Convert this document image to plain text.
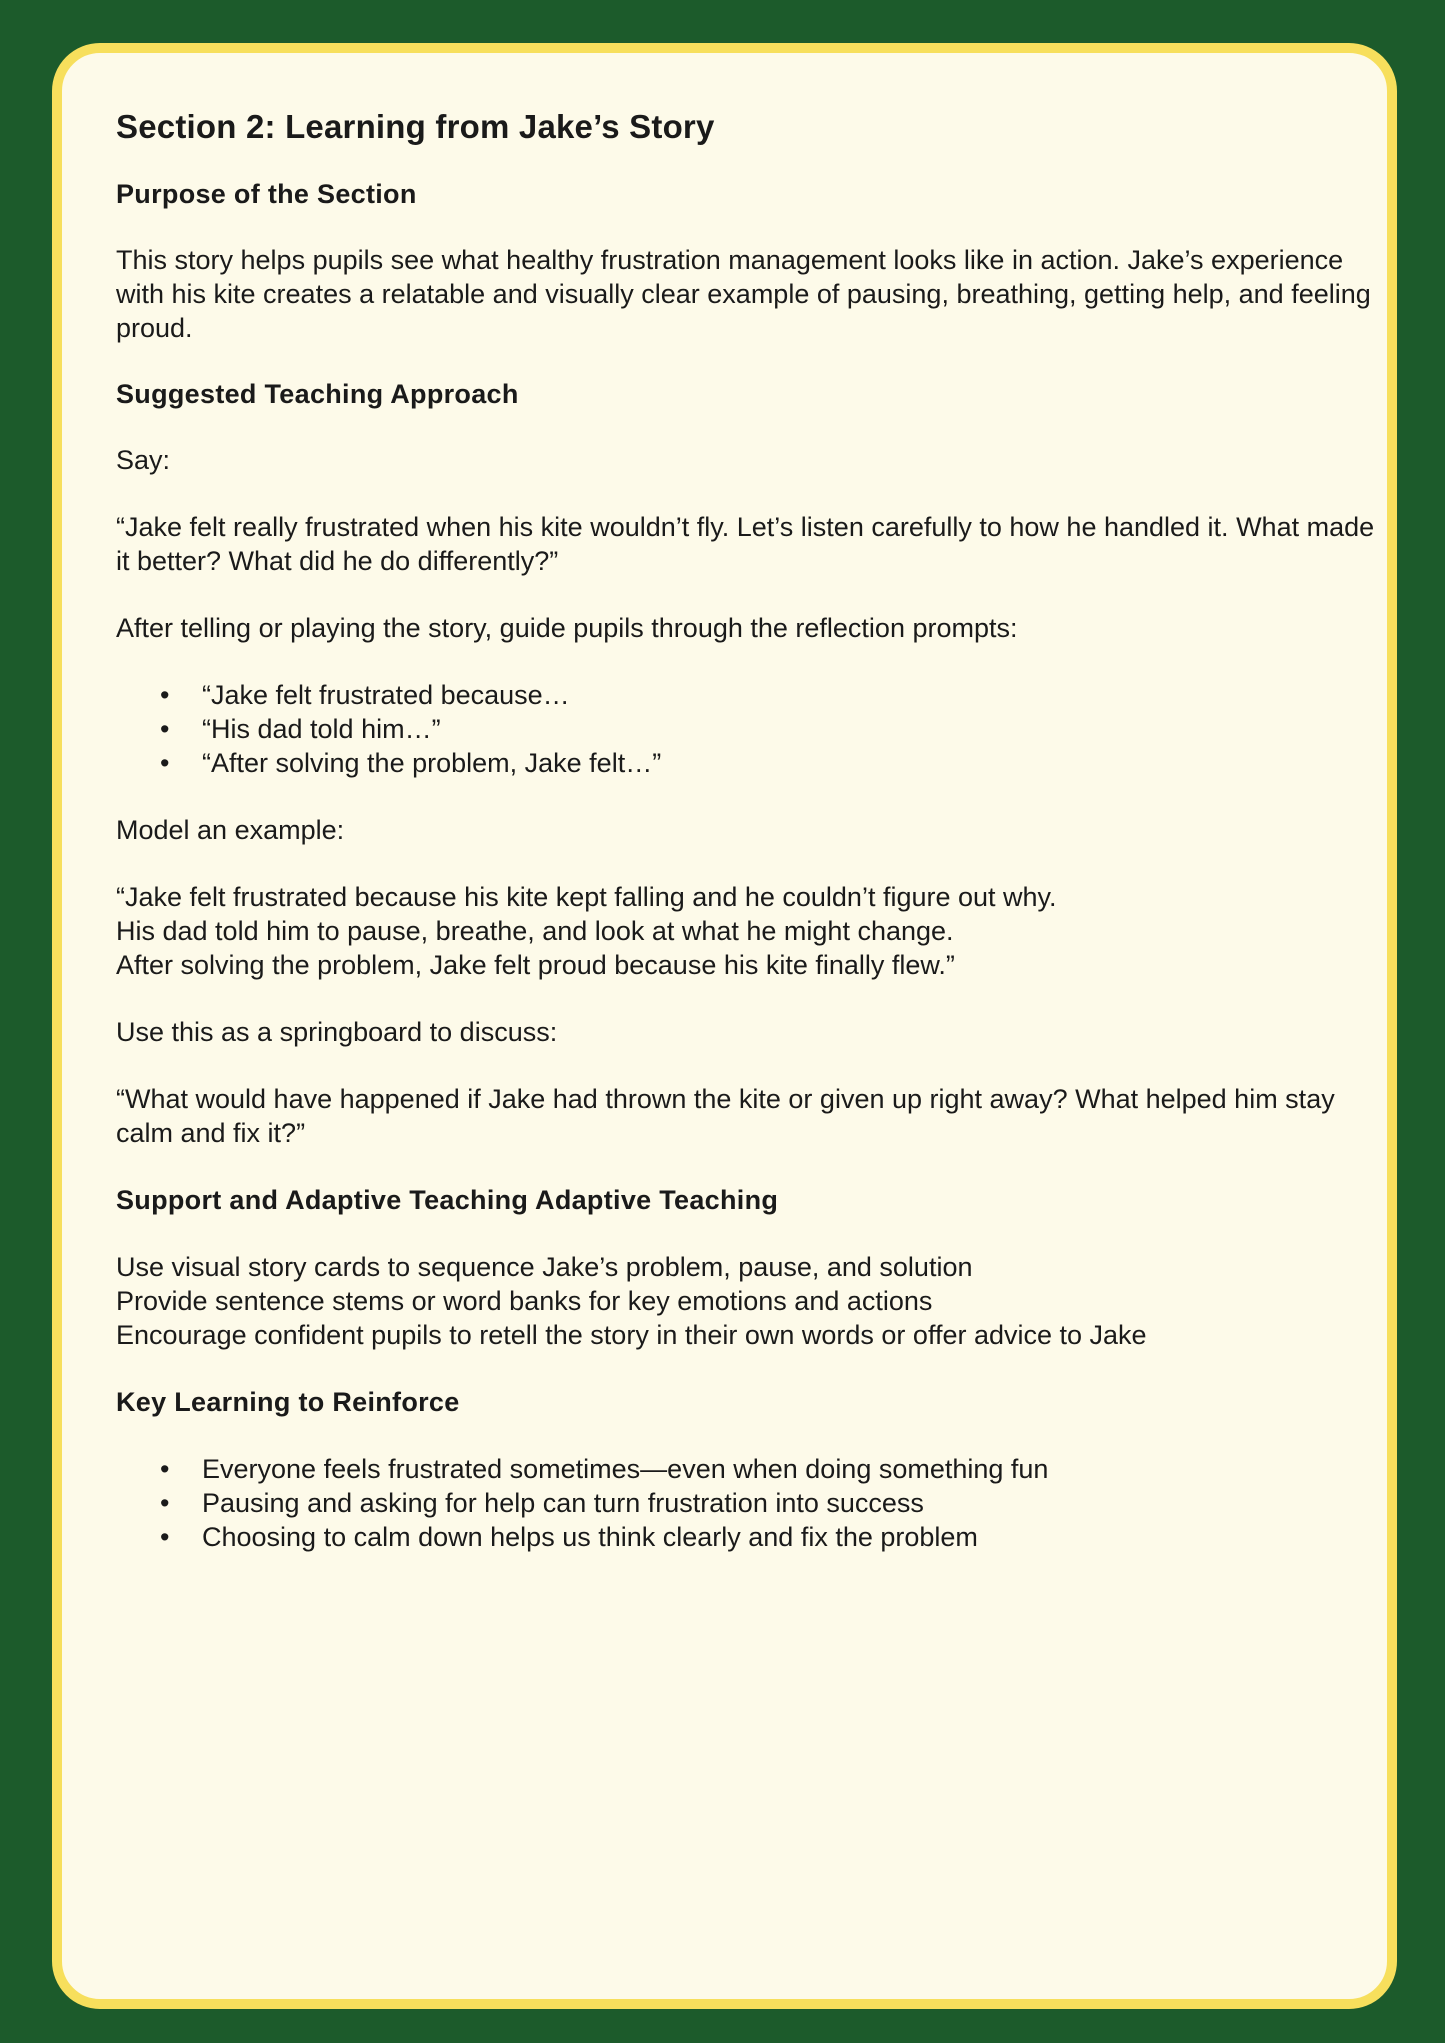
Section 2: Learning from Jake’s Story
Purpose of the Section

This story helps pupils see what healthy frustration management looks like in action. Jake’s experience with his kite creates a relatable and visually clear example of pausing, breathing, getting help, and feeling proud.

Suggested Teaching Approach

Say:

“Jake felt really frustrated when his kite wouldn’t fly. Let’s listen carefully to how he handled it. What made it better? What did he do differently?”

After telling or playing the story, guide pupils through the reflection prompts:

• “Jake felt frustrated because…
• “His dad told him…”
• “After solving the problem, Jake felt…”

Model an example:

“Jake felt frustrated because his kite kept falling and he couldn’t figure out why.
His dad told him to pause, breathe, and look at what he might change.
After solving the problem, Jake felt proud because his kite finally flew.”

Use this as a springboard to discuss:

“What would have happened if Jake had thrown the kite or given up right away? What helped him stay calm and fix it?”

Support and Adaptive Teaching Adaptive Teaching

Use visual story cards to sequence Jake’s problem, pause, and solution
Provide sentence stems or word banks for key emotions and actions
Encourage confident pupils to retell the story in their own words or offer advice to Jake

Key Learning to Reinforce
• Everyone feels frustrated sometimes—even when doing something fun
• Pausing and asking for help can turn frustration into success
• Choosing to calm down helps us think clearly and fix the problem
